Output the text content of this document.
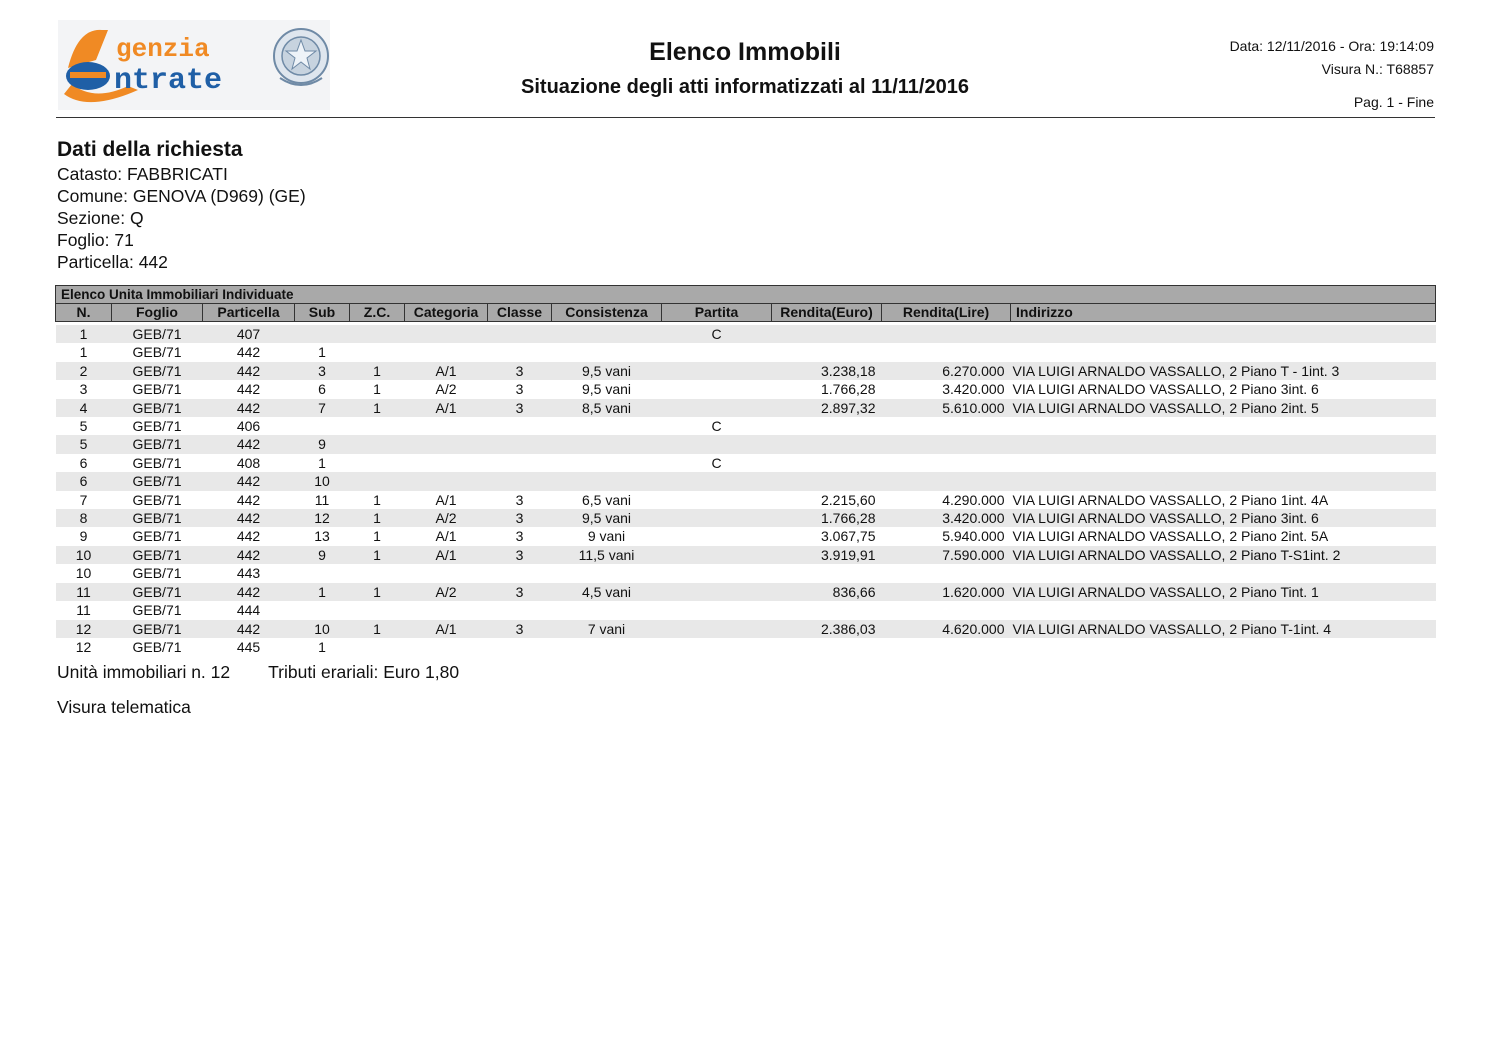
genzia
ntrate
Elenco Immobili
Situazione degli atti informatizzati al 11/11/2016
Data: 12/11/2016 - Ora: 19:14:09
Visura N.: T68857
Pag. 1 - Fine
Dati della richiesta
Catasto: FABBRICATI
Comune: GENOVA (D969) (GE)
Sezione: Q
Foglio: 71
Particella: 442
Elenco Unita Immobiliari Individuate											
N.	Foglio	Particella	Sub	Z.C.	Categoria	Classe	Consistenza	Partita	Rendita(Euro)	Rendita(Lire)	Indirizzo

1	GEB/71	407						C			
1	GEB/71	442	1								
2	GEB/71	442	3	1	A/1	3	9,5 vani		3.238,18	6.270.000	VIA LUIGI ARNALDO VASSALLO, 2 Piano T - 1int. 3
3	GEB/71	442	6	1	A/2	3	9,5 vani		1.766,28	3.420.000	VIA LUIGI ARNALDO VASSALLO, 2 Piano 3int. 6
4	GEB/71	442	7	1	A/1	3	8,5 vani		2.897,32	5.610.000	VIA LUIGI ARNALDO VASSALLO, 2 Piano 2int. 5
5	GEB/71	406						C			
5	GEB/71	442	9								
6	GEB/71	408	1					C			
6	GEB/71	442	10								
7	GEB/71	442	11	1	A/1	3	6,5 vani		2.215,60	4.290.000	VIA LUIGI ARNALDO VASSALLO, 2 Piano 1int. 4A
8	GEB/71	442	12	1	A/2	3	9,5 vani		1.766,28	3.420.000	VIA LUIGI ARNALDO VASSALLO, 2 Piano 3int. 6
9	GEB/71	442	13	1	A/1	3	9 vani		3.067,75	5.940.000	VIA LUIGI ARNALDO VASSALLO, 2 Piano 2int. 5A
10	GEB/71	442	9	1	A/1	3	11,5 vani		3.919,91	7.590.000	VIA LUIGI ARNALDO VASSALLO, 2 Piano T-S1int. 2
10	GEB/71	443									
11	GEB/71	442	1	1	A/2	3	4,5 vani		836,66	1.620.000	VIA LUIGI ARNALDO VASSALLO, 2 Piano Tint. 1
11	GEB/71	444									
12	GEB/71	442	10	1	A/1	3	7 vani		2.386,03	4.620.000	VIA LUIGI ARNALDO VASSALLO, 2 Piano T-1int. 4
12	GEB/71	445	1								
Unità immobiliari n. 12 Tributi erariali: Euro 1,80
Visura telematica
